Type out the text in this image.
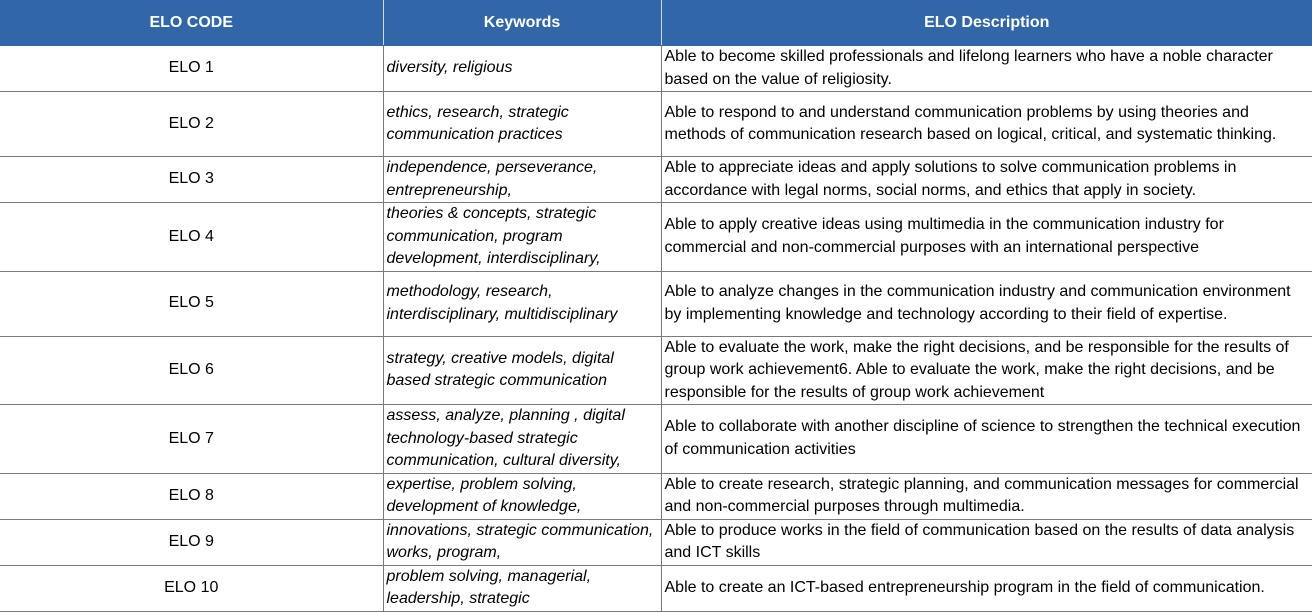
ELO CODE	Keywords	ELO Description
ELO 1	diversity, religious	Able to become skilled professionals and lifelong learners who have a noble character based on the value of religiosity.
ELO 2	ethics, research, strategic communication practices	Able to respond to and understand communication problems by using theories and methods of communication research based on logical, critical, and systematic thinking.
ELO 3	independence, perseverance, entrepreneurship,	Able to appreciate ideas and apply solutions to solve communication problems in accordance with legal norms, social norms, and ethics that apply in society.
ELO 4	theories & concepts, strategic communication, program development, interdisciplinary,	Able to apply creative ideas using multimedia in the communication industry for commercial and non-commercial purposes with an international perspective
ELO 5	methodology, research, interdisciplinary, multidisciplinary	Able to analyze changes in the communication industry and communication environment by implementing knowledge and technology according to their field of expertise.
ELO 6	strategy, creative models, digital based strategic communication	Able to evaluate the work, make the right decisions, and be responsible for the results of group work achievement6. Able to evaluate the work, make the right decisions, and be responsible for the results of group work achievement
ELO 7	assess, analyze, planning , digital technology-based strategic communication, cultural diversity,	Able to collaborate with another discipline of science to strengthen the technical execution of communication activities
ELO 8	expertise, problem solving, development of knowledge,	Able to create research, strategic planning, and communication messages for commercial and non-commercial purposes through multimedia.
ELO 9	innovations, strategic communication, works, program,	Able to produce works in the field of communication based on the results of data analysis and ICT skills
ELO 10	problem solving, managerial, leadership, strategic	Able to create an ICT-based entrepreneurship program in the field of communication.
